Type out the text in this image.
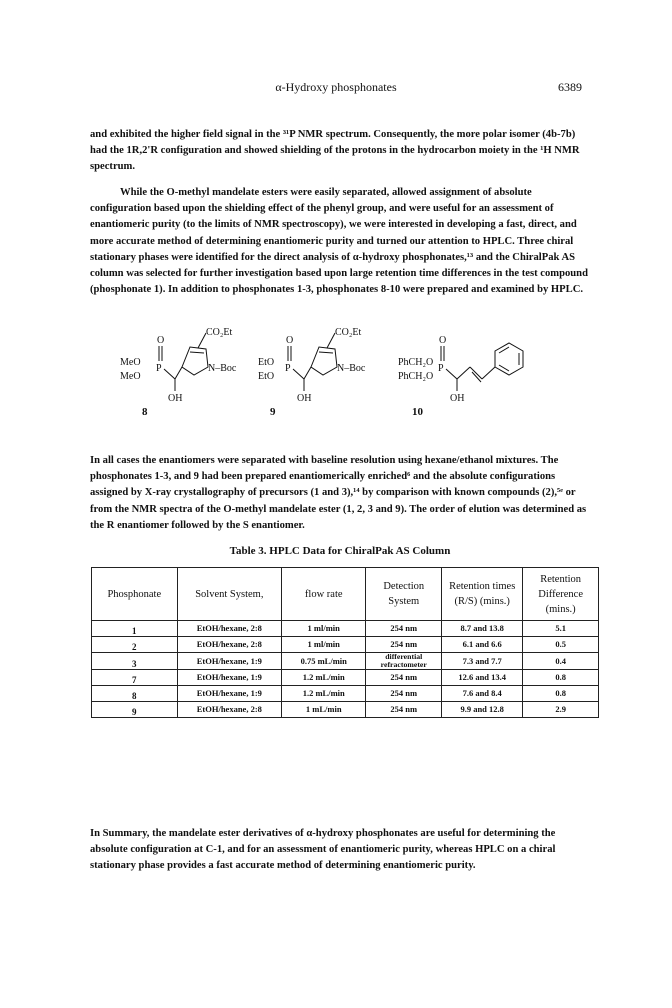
α-Hydroxy phosphonates	6389
and exhibited the higher field signal in the ³¹P NMR spectrum. Consequently, the more polar isomer (4b-7b) had the 1R,2'R configuration and showed shielding of the protons in the hydrocarbon moiety in the ¹H NMR spectrum.
While the O-methyl mandelate esters were easily separated, allowed assignment of absolute configuration based upon the shielding effect of the phenyl group, and were useful for an assessment of enantiomeric purity (to the limits of NMR spectroscopy), we were interested in developing a fast, direct, and more accurate method of determining enantiomeric purity and turned our attention to HPLC. Three chiral stationary phases were identified for the direct analysis of α-hydroxy phosphonates,¹³ and the ChiralPak AS column was selected for further investigation based upon large retention time differences in the test compound (phosphonate 1). In addition to phosphonates 1-3, phosphonates 8-10 were prepared and examined by HPLC.
MeO
MeO
P
O
OH
CO₂Et
N–Boc
8
EtO
EtO
P
O
OH
CO₂Et
N–Boc
9
PhCH₂O
PhCH₂O
P
O
OH
10
In all cases the enantiomers were separated with baseline resolution using hexane/ethanol mixtures. The phosphonates 1-3, and 9 had been prepared enantiomerically enriched⁶ and the absolute configurations assigned by X-ray crystallography of precursors (1 and 3),¹⁴ by comparison with known compounds (2),⁵ᵉ or from the NMR spectra of the O-methyl mandelate ester (1, 2, 3 and 9). The order of elution was determined as the R enantiomer followed by the S enantiomer.
Table 3. HPLC Data for ChiralPak AS Column
Phosphonate	Solvent System,	flow rate	Detection System	Retention times (R/S) (mins.)	Retention Difference (mins.)
1	EtOH/hexane, 2:8	1 ml/min	254 nm	8.7 and 13.8	5.1
2	EtOH/hexane, 2:8	1 ml/min	254 nm	6.1 and 6.6	0.5
3	EtOH/hexane, 1:9	0.75 mL/min	differential refractometer	7.3 and 7.7	0.4
7	EtOH/hexane, 1:9	1.2 mL/min	254 nm	12.6 and 13.4	0.8
8	EtOH/hexane, 1:9	1.2 mL/min	254 nm	7.6 and 8.4	0.8
9	EtOH/hexane, 2:8	1 mL/min	254 nm	9.9 and 12.8	2.9
In Summary, the mandelate ester derivatives of α-hydroxy phosphonates are useful for determining the absolute configuration at C-1, and for an assessment of enantiomeric purity, whereas HPLC on a chiral stationary phase provides a fast accurate method of determining enantiomeric purity.
